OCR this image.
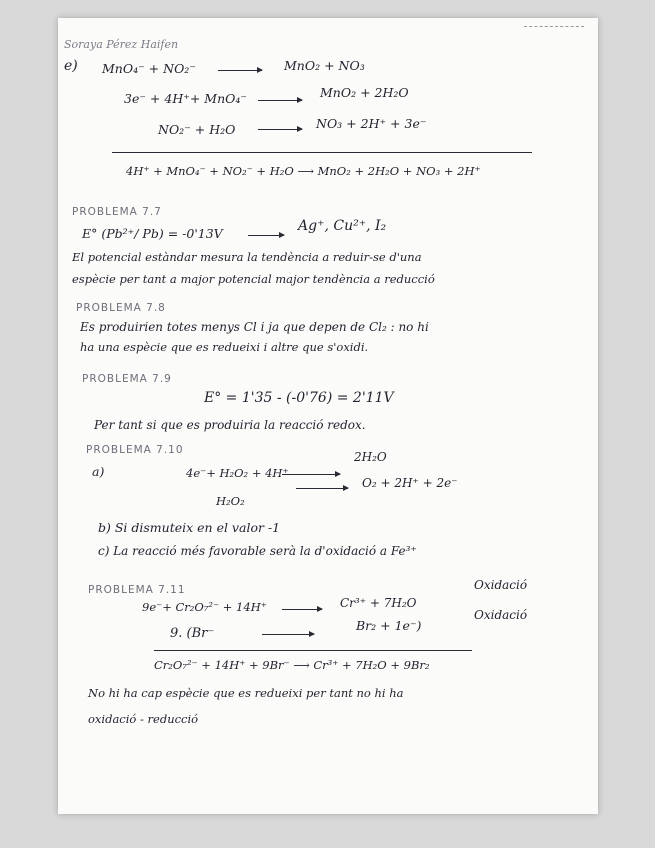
Soraya Pérez Haifen
e) MnO₄⁻ + NO₂⁻ → MnO₂ + NO₃
3e⁻ + 4H⁺+ MnO₄⁻ →
MnO₂ + 2H₂O
NO₂⁻ + H₂O → NO₃ + 2H⁺ + 3e⁻
4H⁺ + MnO₄⁻ + NO₂⁻ + H₂O ⟶ MnO₂ + 2H₂O + NO₃ + 2H⁺
PROBLEMA 7.7
E° (Pb²⁺/ Pb) = -0'13V	Ag⁺, Cu²⁺, I₂
El potencial estàndar mesura la tendència a reduir-se d'una
espècie per tant a major potencial major tendència a reducció
PROBLEMA 7.8
Es produirien totes menys Cl i ja que depen de Cl₂ : no hi
ha una espècie que es redueixi i altre que s'oxidi.
PROBLEMA 7.9
E° = 1'35 - (-0'76) = 2'11V
Per tant si que es produiria la reacció redox.
PROBLEMA 7.10
a)	4e⁻+ H₂O₂ + 4H⁺
2H₂O
H₂O₂
→ O₂ + 2H⁺ + 2e⁻
b) Si dismuteix en el valor -1
c) La reacció més favorable serà la d'oxidació a Fe³⁺
PROBLEMA 7.11
9e⁻+ Cr₂O₇²⁻ + 14H⁺ → Cr³⁺ + 7H₂O
Oxidació
9. (Br⁻
Br₂ + 1e⁻)
Oxidació
Cr₂O₇²⁻ + 14H⁺ + 9Br⁻ ⟶ Cr³⁺ + 7H₂O + 9Br₂
No hi ha cap espècie que es redueixi per tant no hi ha
oxidació - reducció
